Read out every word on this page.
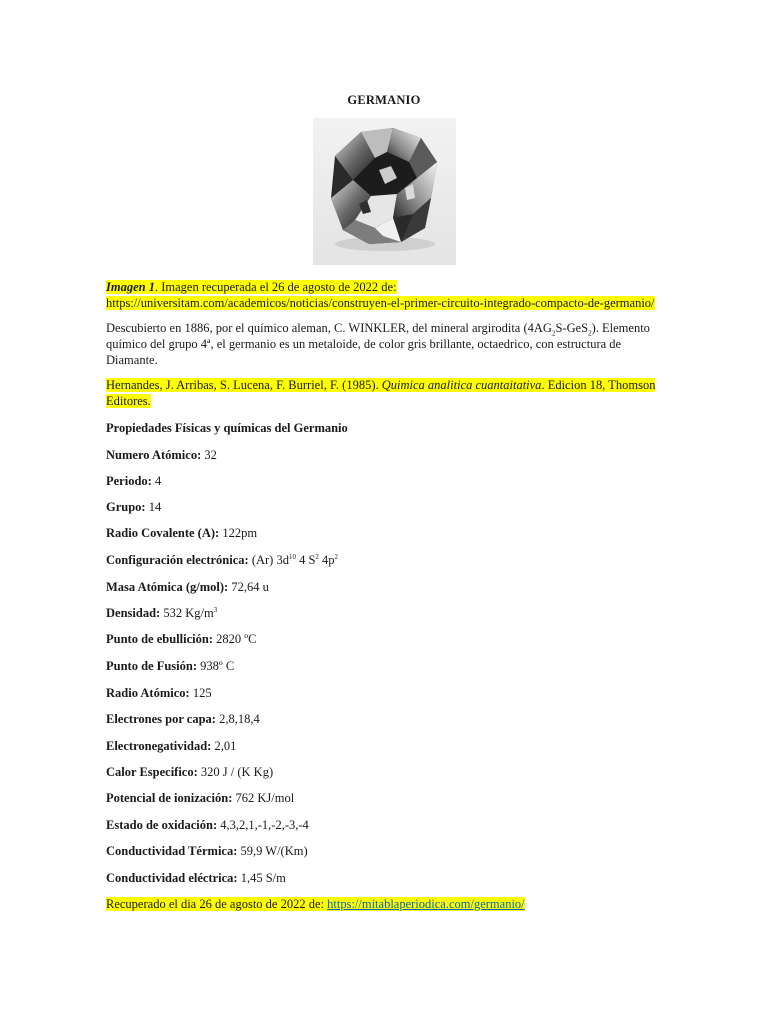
GERMANIO
Imagen 1. Imagen recuperada el 26 de agosto de 2022 de:
https://universitam.com/academicos/noticias/construyen-el-primer-circuito-integrado-compacto-de-germanio/
Descubierto en 1886, por el químico aleman, C. WINKLER, del mineral argirodita $(4AG_2S-GeS_2)$. Elemento químico del grupo 4ª, el germanio es un metaloide, de color gris brillante, octaedrico, con estructura de Diamante.
Hernandes, J. Arribas, S. Lucena, F. Burriel, F. (1985). Quimica analitica cuantaitativa. Edicion 18, Thomson Editores.
Propiedades Físicas y químicas del Germanio
Numero Atómico: 32
Periodo: 4
Grupo: 14
Radio Covalente (A): 122pm
Configuración electrónica: (Ar) $3d^{10}$ 4 $S^2$ $4p^2$
Masa Atómica (g/mol): 72,64 u
Densidad: 532 $Kg/m^3$
Punto de ebullición: 2820 ºC
Punto de Fusión: 938º C
Radio Atómico: 125
Electrones por capa: 2,8,18,4
Electronegatividad: 2,01
Calor Especifico: 320 J / (K Kg)
Potencial de ionización: 762 KJ/mol
Estado de oxidación: 4,3,2,1,-1,-2,-3,-4
Conductividad Térmica: 59,9 W/(Km)
Conductividad eléctrica: 1,45 S/m
Recuperado el dia 26 de agosto de 2022 de: https://mitablaperiodica.com/germanio/
